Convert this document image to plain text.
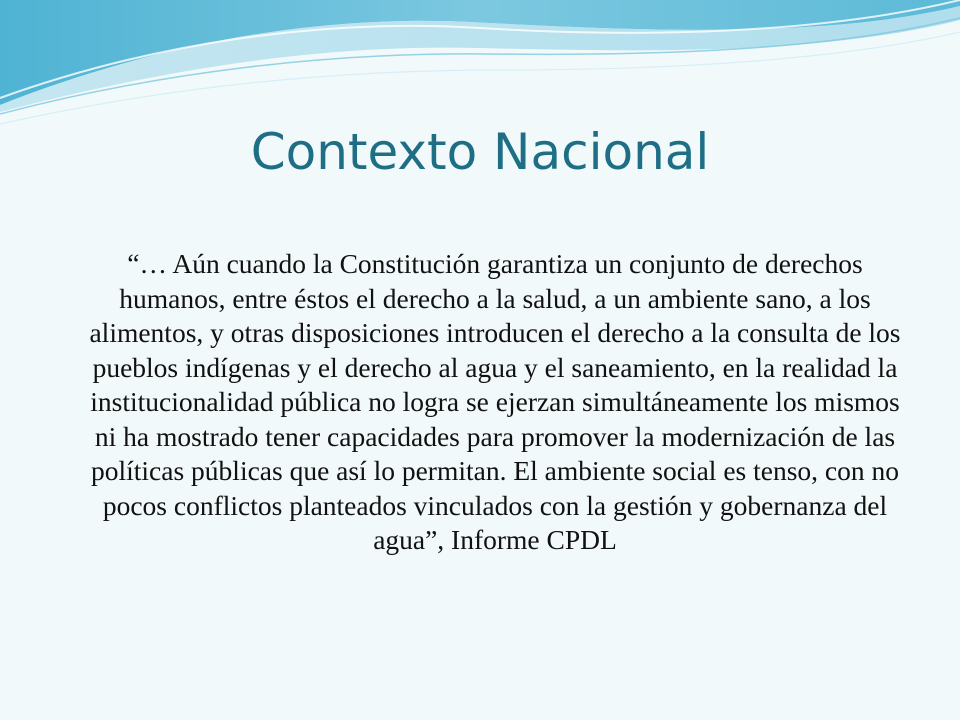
Contexto Nacional

“… Aún cuando la Constitución garantiza un conjunto de derechos humanos, entre éstos el derecho a la salud, a un ambiente sano, a los alimentos, y otras disposiciones introducen el derecho a la consulta de los pueblos indígenas y el derecho al agua y el saneamiento, en la realidad la institucionalidad pública no logra se ejerzan simultáneamente los mismos ni ha mostrado tener capacidades para promover la modernización de las políticas públicas que así lo permitan. El ambiente social es tenso, con no pocos conflictos planteados vinculados con la gestión y gobernanza del agua”, Informe CPDL
